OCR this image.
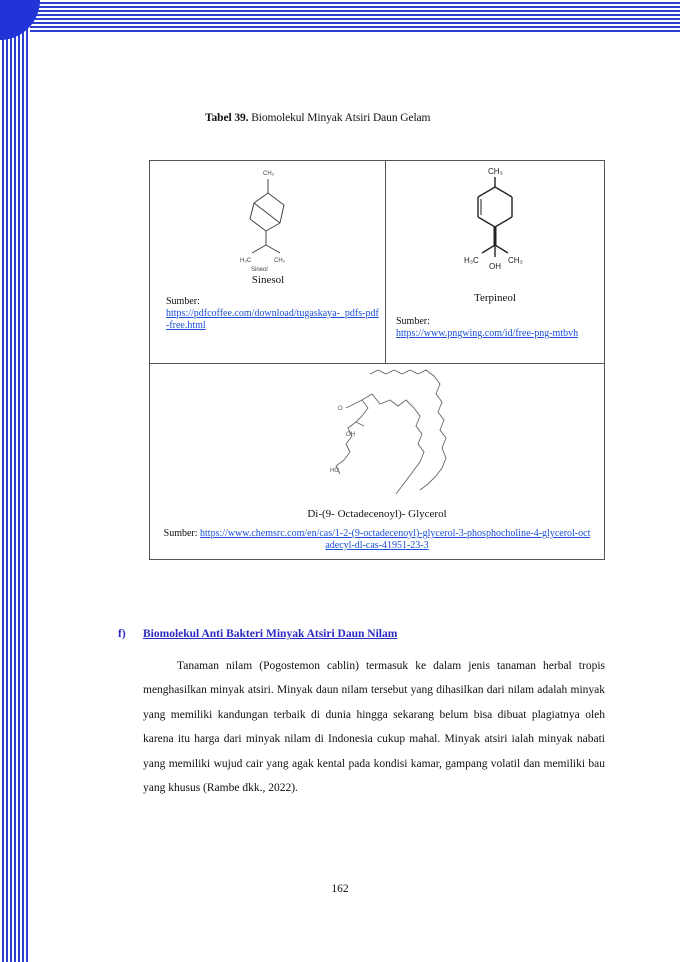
Tabel 39. Biomolekul Minyak Atsiri Daun Gelam
CH₃
H₃C	CH₃
Sineol
Sinesol
Sumber:
https://pdfcoffee.com/download/tugaskaya-_pdfs-pdf-free.html
CH₃
H₃C	CH₃
OH
Terpineol
Sumber:
https://www.pngwing.com/id/free-png-mtbvh
HO
OH
O
Di-(9- Octadecenoyl)- Glycerol
Sumber: https://www.chemsrc.com/en/cas/1-2-(9-octadecenoyl)-glycerol-3-phosphocholine-4-glycerol-octadecyl-dl-cas-41951-23-3
f) Biomolekul Anti Bakteri Minyak Atsiri Daun Nilam

Tanaman nilam (Pogostemon cablin) termasuk ke dalam jenis tanaman herbal tropis menghasilkan minyak atsiri. Minyak daun nilam tersebut yang dihasilkan dari nilam adalah minyak yang memiliki kandungan terbaik di dunia hingga sekarang belum bisa dibuat plagiatnya oleh karena itu harga dari minyak nilam di Indonesia cukup mahal. Minyak atsiri ialah minyak nabati yang memiliki wujud cair yang agak kental pada kondisi kamar, gampang volatil dan memiliki bau yang khusus (Rambe dkk., 2022).

162
